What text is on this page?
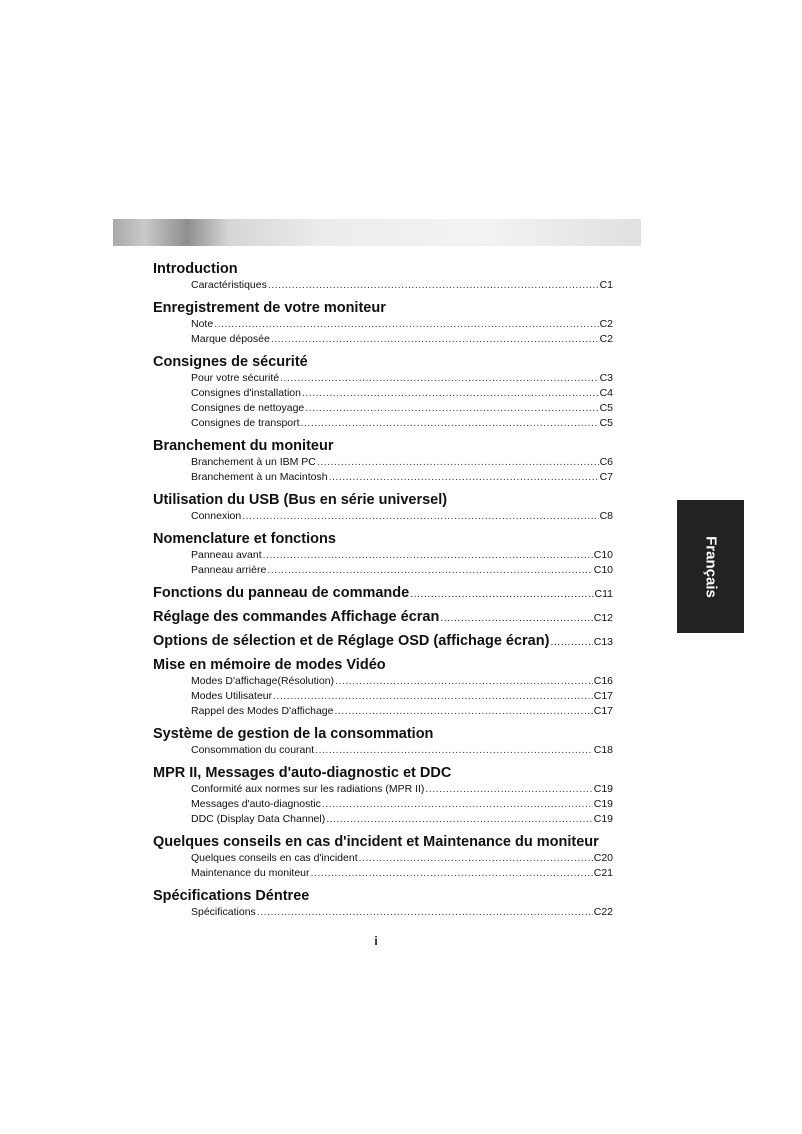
Introduction
Caractéristiques .....	C1
Enregistrement de votre moniteur
Note .....	C2
Marque déposée .....	C2
Consignes de sécurité
Pour votre sécurité .....	C3
Consignes d'installation .....	C4
Consignes de nettoyage .....	C5
Consignes de transport .....	C5
Branchement du moniteur
Branchement à un IBM PC .....	C6
Branchement à un Macintosh .....	C7
Utilisation du USB (Bus en série universel)
Connexion .....	C8
Nomenclature et fonctions
Panneau avant .....	C10
Panneau arrière .....	C10
Fonctions du panneau de commande .....	C11
Réglage des commandes Affichage écran .....	C12
Options de sélection et de Réglage OSD (affichage écran) .....	C13
Mise en mémoire de modes Vidéo
Modes D'affichage(Résolution) .....	C16
Modes Utilisateur .....	C17
Rappel des Modes D'affichage .....	C17
Système de gestion de la consommation
Consommation du courant .....	C18
MPR II, Messages d'auto-diagnostic et DDC
Conformité aux normes sur les radiations (MPR II) .....	C19
Messages d'auto-diagnostic .....	C19
DDC (Display Data Channel) .....	C19
Quelques conseils en cas d'incident et Maintenance du moniteur
Quelques conseils en cas d'incident .....	C20
Maintenance du moniteur .....	C21
Spécifications Déntree
Spécifications .....	C22
Français
i
